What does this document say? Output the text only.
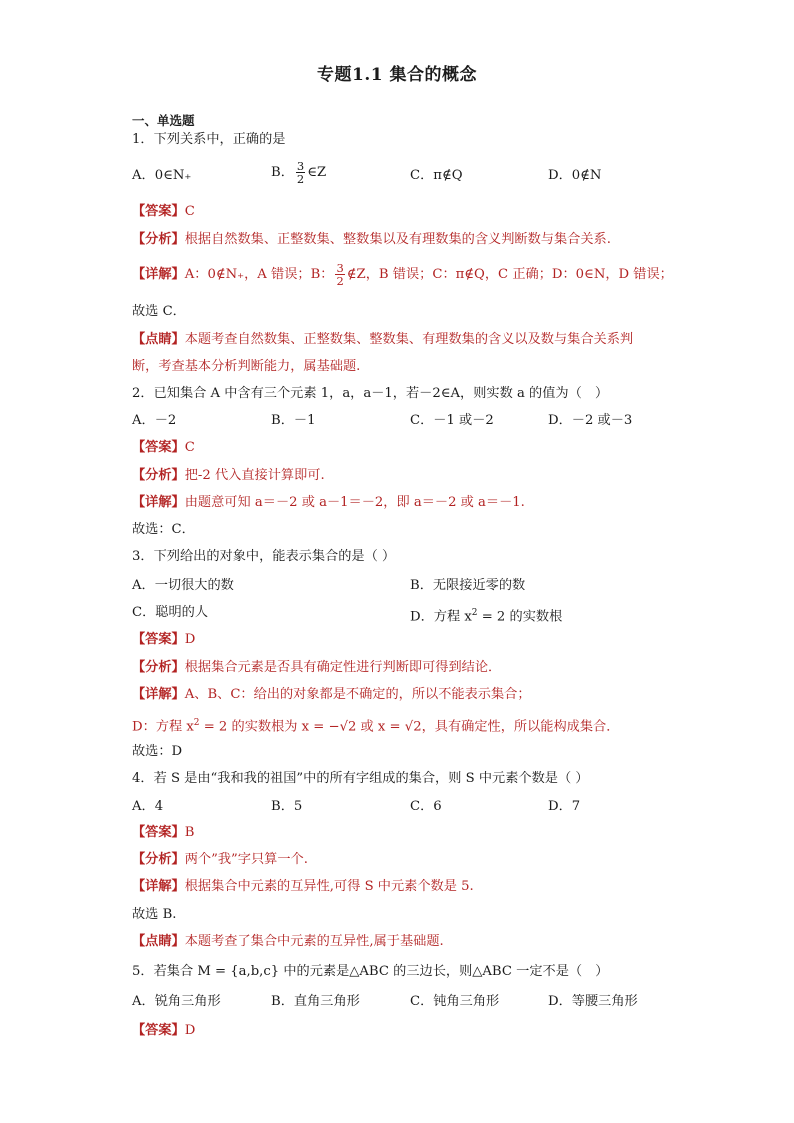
专题1.1 集合的概念
一、单选题
1．下列关系中，正确的是
A．0∈N₊	B． $\frac{3}{2}$ ∈Z	C．π∉Q	D．0∉N
【答案】C
【分析】根据自然数集、正整数集、整数集以及有理数集的含义判断数与集合关系.
【详解】A：0∉N₊，A 错误；B： $\frac{3}{2}$ ∉Z，B 错误；C：π∉Q，C 正确；D：0∈N，D 错误；
故选 C．
【点睛】本题考查自然数集、正整数集、整数集、有理数集的含义以及数与集合关系判
断，考查基本分析判断能力，属基础题.
2．已知集合 A 中含有三个元素 1，a，a－1，若－2∈A，则实数 a 的值为（　）
A．－2	B．－1	C．－1 或－2	D．－2 或－3
【答案】C
【分析】把-2 代入直接计算即可.
【详解】由题意可知 a＝－2 或 a－1＝－2，即 a＝－2 或 a＝－1.
故选：C．
3．下列给出的对象中，能表示集合的是（ ）
A．一切很大的数	B．无限接近零的数
C．聪明的人	D．方程 $x^2 = 2$ 的实数根
【答案】D
【分析】根据集合元素是否具有确定性进行判断即可得到结论．
【详解】A、B、C：给出的对象都是不确定的，所以不能表示集合；
D：方程 $x^2 = 2$ 的实数根为 x = −√2 或 x = √2，具有确定性，所以能构成集合．
故选：D
4．若 S 是由“我和我的祖国”中的所有字组成的集合，则 S 中元素个数是（ ）
A．4	B．5	C．6	D．7
【答案】B
【分析】两个”我”字只算一个.
【详解】根据集合中元素的互异性,可得 S 中元素个数是 5.
故选 B.
【点睛】本题考查了集合中元素的互异性,属于基础题.
5．若集合 M = {a,b,c} 中的元素是△ABC 的三边长，则△ABC 一定不是（　）
A．锐角三角形	B．直角三角形	C．钝角三角形	D．等腰三角形
【答案】D
